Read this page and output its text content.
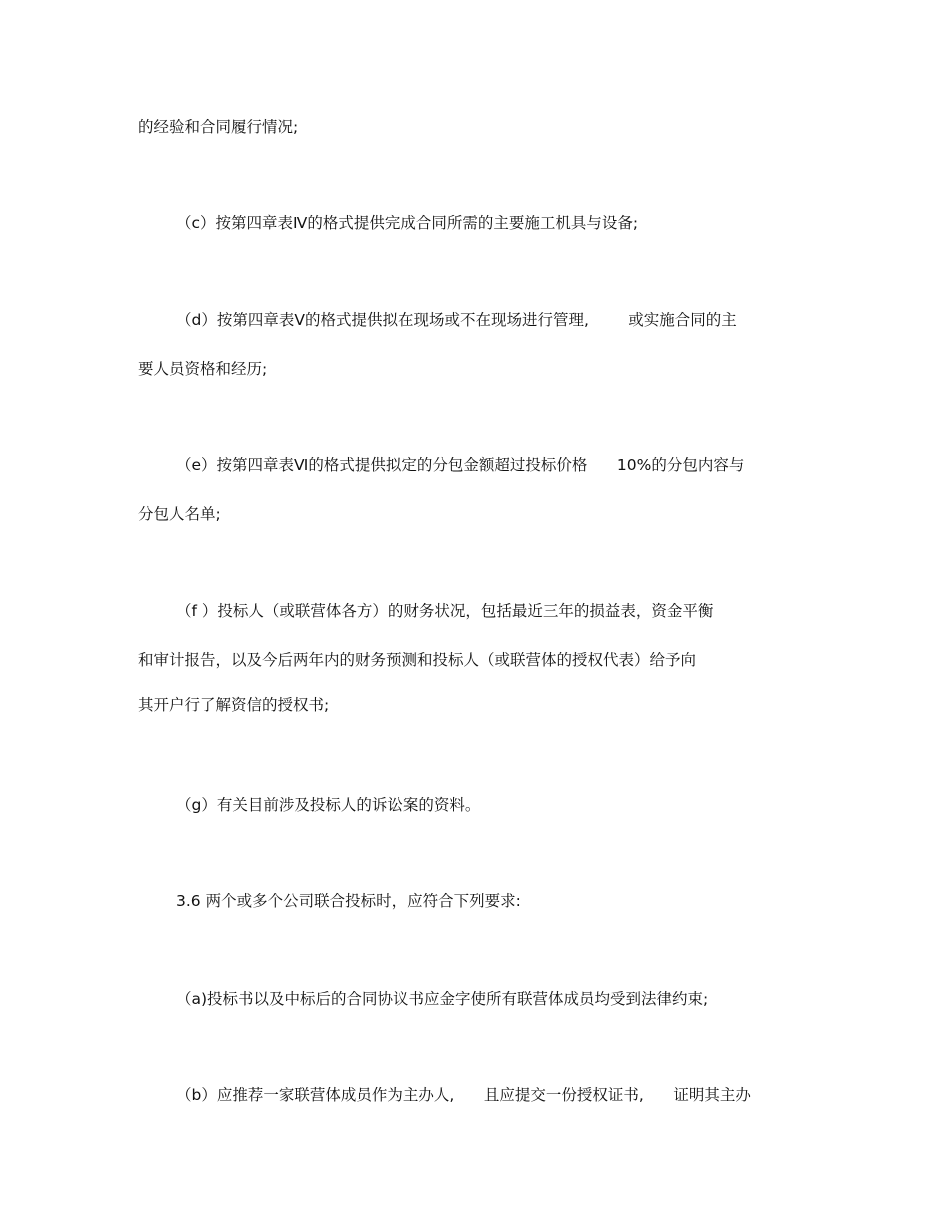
的经验和合同履行情况;
（c）按第四章表Ⅳ的格式提供完成合同所需的主要施工机具与设备;
（d）按第四章表Ⅴ的格式提供拟在现场或不在现场进行管理,        或实施合同的主
要人员资格和经历;
（e）按第四章表Ⅵ的格式提供拟定的分包金额超过投标价格      10%的分包内容与
分包人名单;
（f ）投标人（或联营体各方）的财务状况，包括最近三年的损益表，资金平衡
和审计报告，以及今后两年内的财务预测和投标人（或联营体的授权代表）给予向
其开户行了解资信的授权书;
（g）有关目前涉及投标人的诉讼案的资料。
3.6 两个或多个公司联合投标时，应符合下列要求:
（a)投标书以及中标后的合同协议书应金字使所有联营体成员均受到法律约束;
（b）应推荐一家联营体成员作为主办人,      且应提交一份授权证书,      证明其主办
